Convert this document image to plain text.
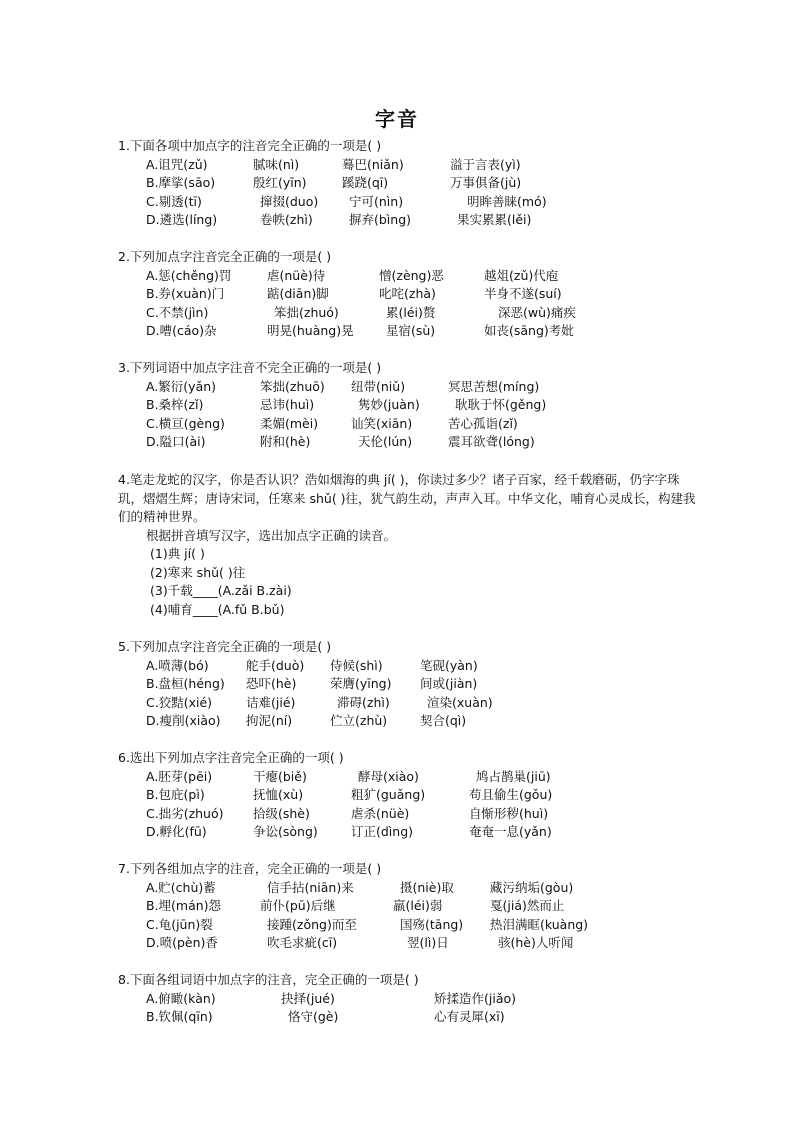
字音
1.下面各项中加点字的注音完全正确的一项是( )
A.诅咒(zǔ)	腻味(nì)	蓦巴(niǎn)	溢于言表(yì)
B.摩挲(sāo)	殷红(yīn)	蹊跷(qī)	万事俱备(jù)
C.剔透(tī)	撺掇(duo) 宁可(nìn)	明眸善睐(mó)
D.遴选(líng)	卷帙(zhì)	摒弃(bìng)	果实累累(lěi)
2.下列加点字注音完全正确的一项是( )
A.惩(chěng)罚	虐(nüè)待	憎(zèng)恶	越俎(zǔ)代庖
B.券(xuàn)门	踮(diān)脚	叱咤(zhà)	半身不遂(suí)
C.不禁(jìn)	笨拙(zhuó)	累(léi)赘	深恶(wù)痛疾
D.嘈(cáo)杂	明晃(huàng)晃	星宿(sù)	如丧(sāng)考妣
3.下列词语中加点字注音不完全正确的一项是( )
A.繁衍(yǎn)	笨拙(zhuō) 纽带(niǔ)	冥思苦想(míng)
B.桑梓(zǐ)	忌讳(huì)	隽妙(juàn)	耿耿于怀(gěng)
C.横亘(gèng)	柔媚(mèi)	讪笑(xiān)	苦心孤诣(zǐ)
D.隘口(ài)	附和(hè)	天伦(lún)	震耳欲聋(lóng)
4.笔走龙蛇的汉字，你是否认识？浩如烟海的典 jí( )，你读过多少？诸子百家，经千载磨砺，仍字字珠玑，熠熠生辉；唐诗宋词，任寒来 shǔ( )往，犹气韵生动，声声入耳。中华文化，哺育心灵成长，构建我们的精神世界。
根据拼音填写汉字，选出加点字正确的读音。
(1)典 jí( )
(2)寒来 shǔ( )往
(3)千载____(A.zǎi B.zài)
(4)哺育____(A.fǔ B.bǔ)
5.下列加点字注音完全正确的一项是( )
A.喷薄(bó)	舵手(duò) 侍候(shì)	笔砚(yàn)
B.盘桓(héng) 恐吓(hè)	荣膺(yīng) 间或(jiàn)
C.狡黠(xié)	诘难(jié)	滞碍(zhì)	渲染(xuàn)
D.瘦削(xiào) 拘泥(ní)	伫立(zhù)	契合(qì)
6.选出下列加点字注音完全正确的一项( )
A.胚芽(pēi)	干瘪(biě)	酵母(xiào)	鸠占鹊巢(jiū)
B.包庇(pì)	抚恤(xù)	粗犷(guǎng)	苟且偷生(gǒu)
C.拙劣(zhuó) 拾级(shè)	虐杀(nüè)	自惭形秽(huì)
D.孵化(fū)	争讼(sòng)	订正(dìng)	奄奄一息(yǎn)
7.下列各组加点字的注音，完全正确的一项是( )
A.贮(chù)蓄	信手拈(niān)来	摄(niè)取	藏污纳垢(gòu)
B.埋(mán)怨	前仆(pū)后继	羸(léi)弱	戛(jiá)然而止
C.龟(jūn)裂	接踵(zǒng)而至	国殇(tāng) 热泪满眶(kuàng)
D.喷(pèn)香	吹毛求疵(cī)	翌(lì)日	骇(hè)人听闻
8.下面各组词语中加点字的注音，完全正确的一项是( )
A.俯瞰(kàn)	抉择(jué)	矫揉造作(jiǎo)
B.钦佩(qīn)	恪守(gè)	心有灵犀(xī)
